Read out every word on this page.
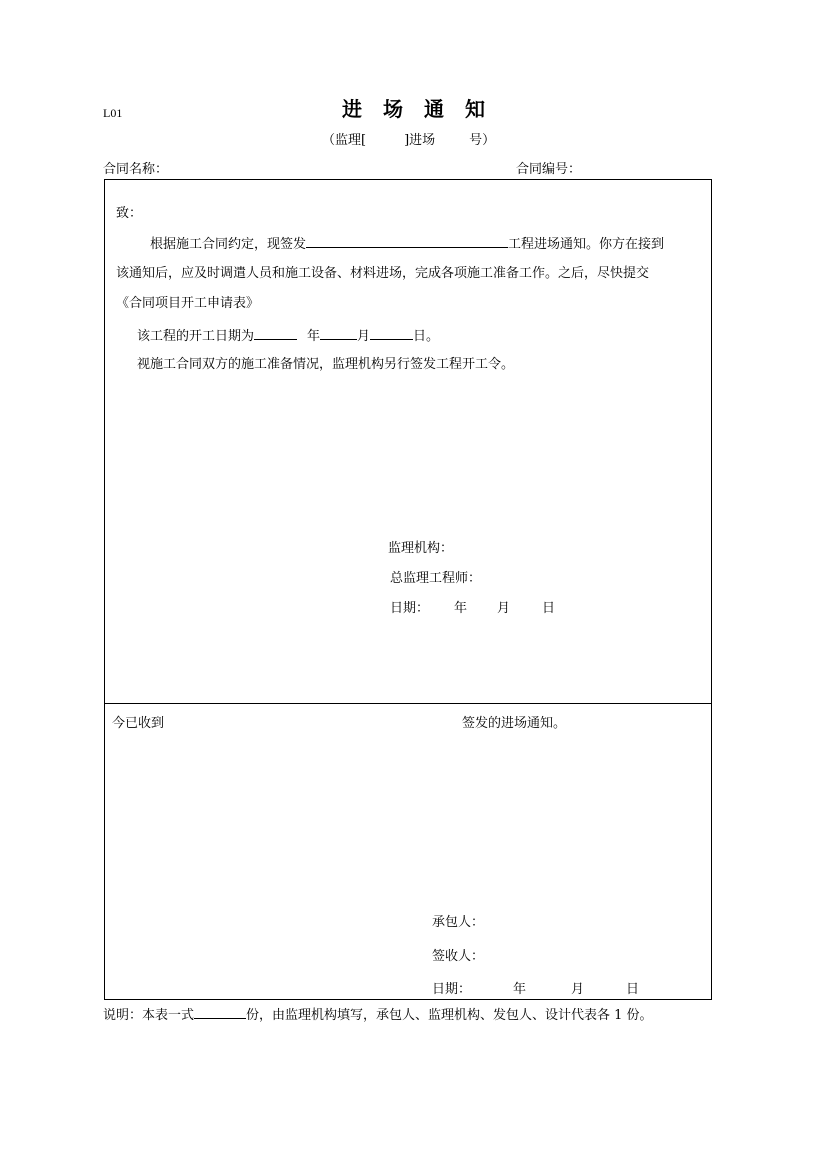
L01	进场通知
（监理[	]进场	号）
合同名称：	合同编号：
致：
根据施工合同约定，现签发	工程进场通知。你方在接到
该通知后，应及时调遣人员和施工设备、材料进场，完成各项施工准备工作。之后，尽快提交
《合同项目开工申请表》
该工程的开工日期为	年	月	日。
视施工合同双方的施工准备情况，监理机构另行签发工程开工令。
监理机构：
总监理工程师：
日期： 年 月 日
今已收到	签发的进场通知。
承包人：
签收人：
日期：	年	月	日
说明：本表一式	份，由监理机构填写，承包人、监理机构、发包人、设计代表各 1 份。
